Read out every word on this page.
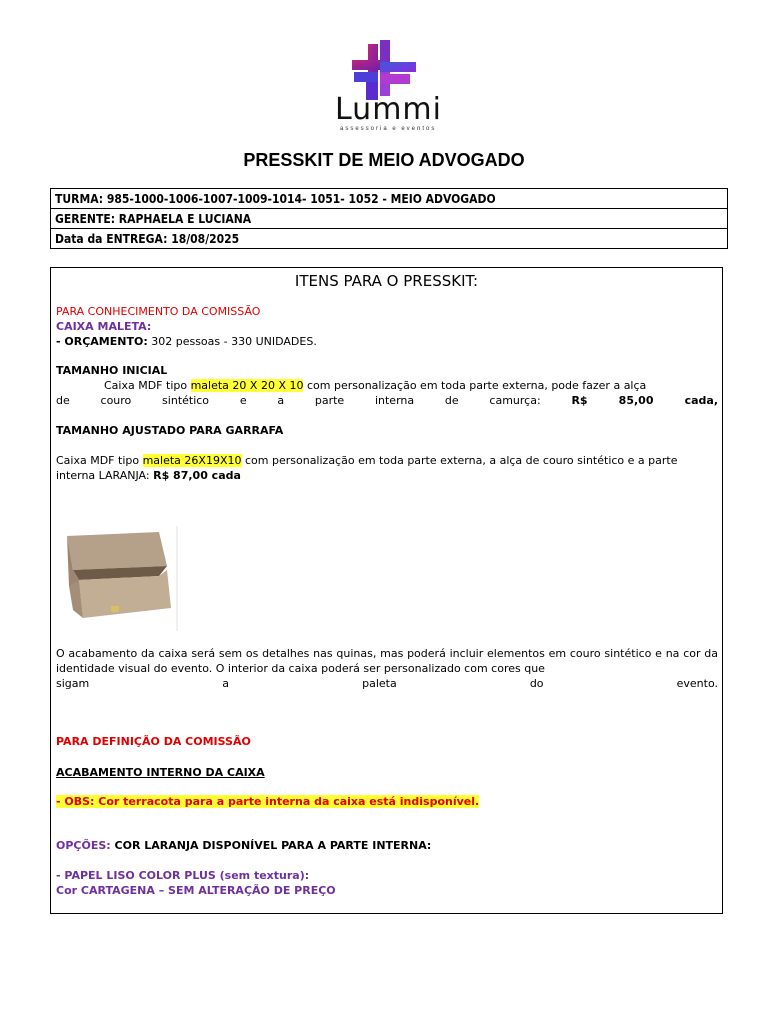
Lummi
assessoria e eventos
PRESSKIT DE MEIO ADVOGADO
TURMA: 985-1000-1006-1007-1009-1014- 1051- 1052 - MEIO ADVOGADO
GERENTE: RAPHAELA E LUCIANA
Data da ENTREGA: 18/08/2025
ITENS PARA O PRESSKIT:
PARA CONHECIMENTO DA COMISSÃO
CAIXA MALETA:
- ORÇAMENTO: 302 pessoas - 330 UNIDADES.
TAMANHO INICIAL
Caixa MDF tipo maleta 20 X 20 X 10 com personalização em toda parte externa, pode fazer a alça
de couro sintético e a parte interna de camurça:	R$ 85,00 cada,
TAMANHO AJUSTADO PARA GARRAFA
Caixa MDF tipo maleta 26X19X10 com personalização em toda parte externa, a alça de couro sintético e a parte interna LARANJA: R$ 87,00 cada
O acabamento da caixa será sem os detalhes nas quinas, mas poderá incluir elementos em couro sintético e na cor da identidade visual do evento. O interior da caixa poderá ser personalizado com cores que
sigam a paleta do evento.
PARA DEFINIÇÃO DA COMISSÃO
ACABAMENTO INTERNO DA CAIXA
- OBS: Cor terracota para a parte interna da caixa está indisponível.
OPÇÕES: COR LARANJA DISPONÍVEL PARA A PARTE INTERNA:
- PAPEL LISO COLOR PLUS (sem textura):
Cor CARTAGENA – SEM ALTERAÇÃO DE PREÇO
